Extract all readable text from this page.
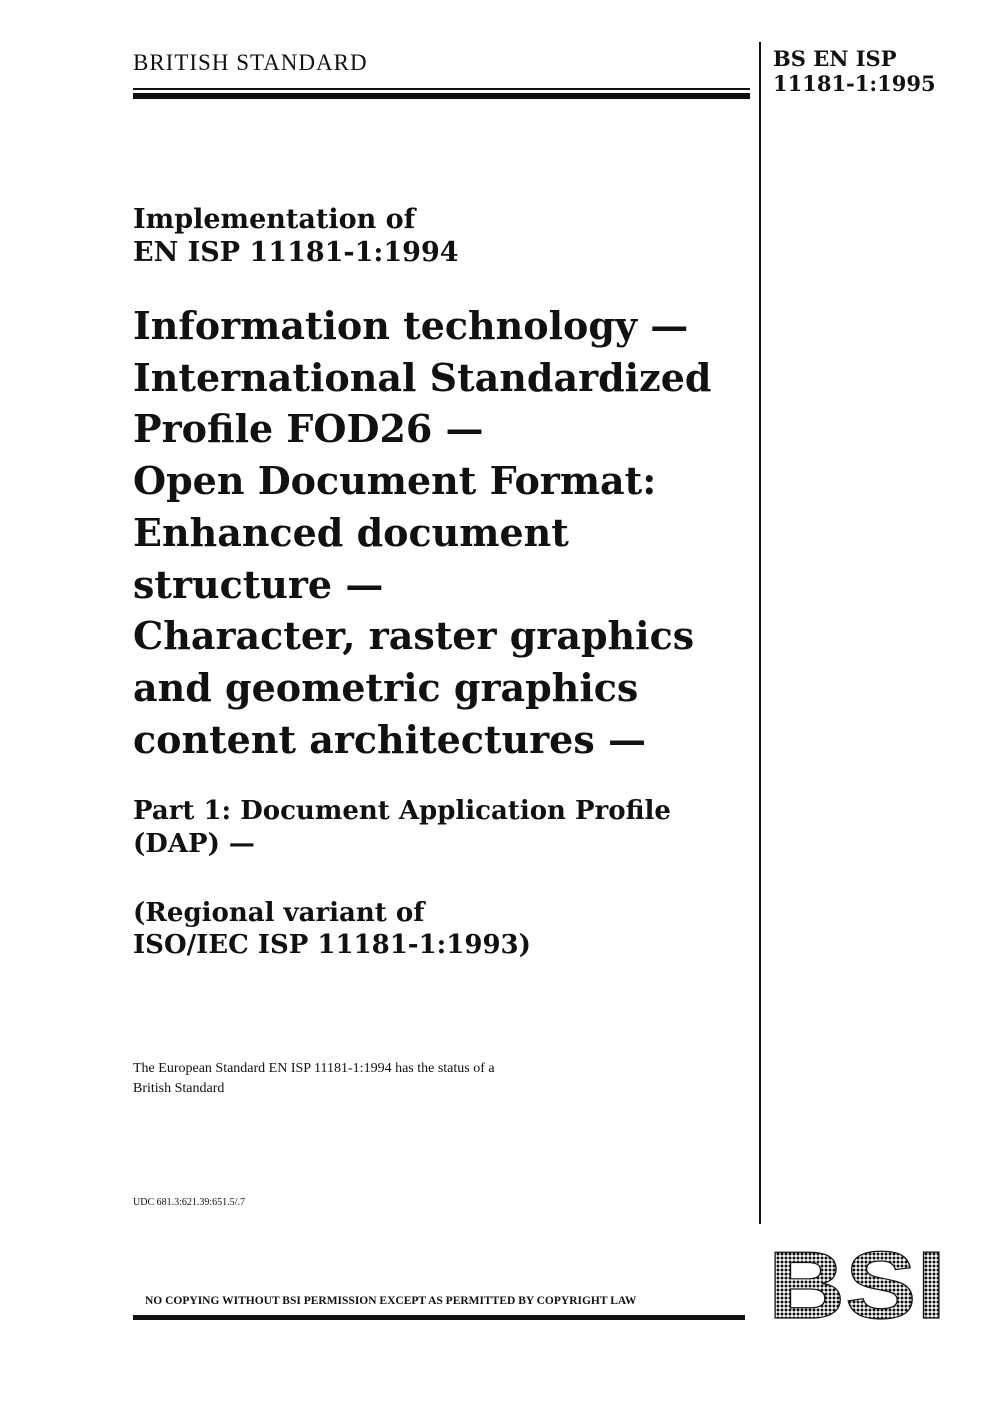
BRITISH STANDARD	BS EN ISP
11181-1:1995
Implementation of
EN ISP 11181-1:1994
Information technology —
International Standardized
Profile FOD26 —
Open Document Format:
Enhanced document
structure —
Character, raster graphics
and geometric graphics
content architectures —
Part 1: Document Application Profile
(DAP) —
(Regional variant of
ISO/IEC ISP 11181-1:1993)
The European Standard EN ISP 11181-1:1994 has the status of a
British Standard
UDC 681.3:621.39:651.5/.7
NO COPYING WITHOUT BSI PERMISSION EXCEPT AS PERMITTED BY COPYRIGHT LAW BSI
